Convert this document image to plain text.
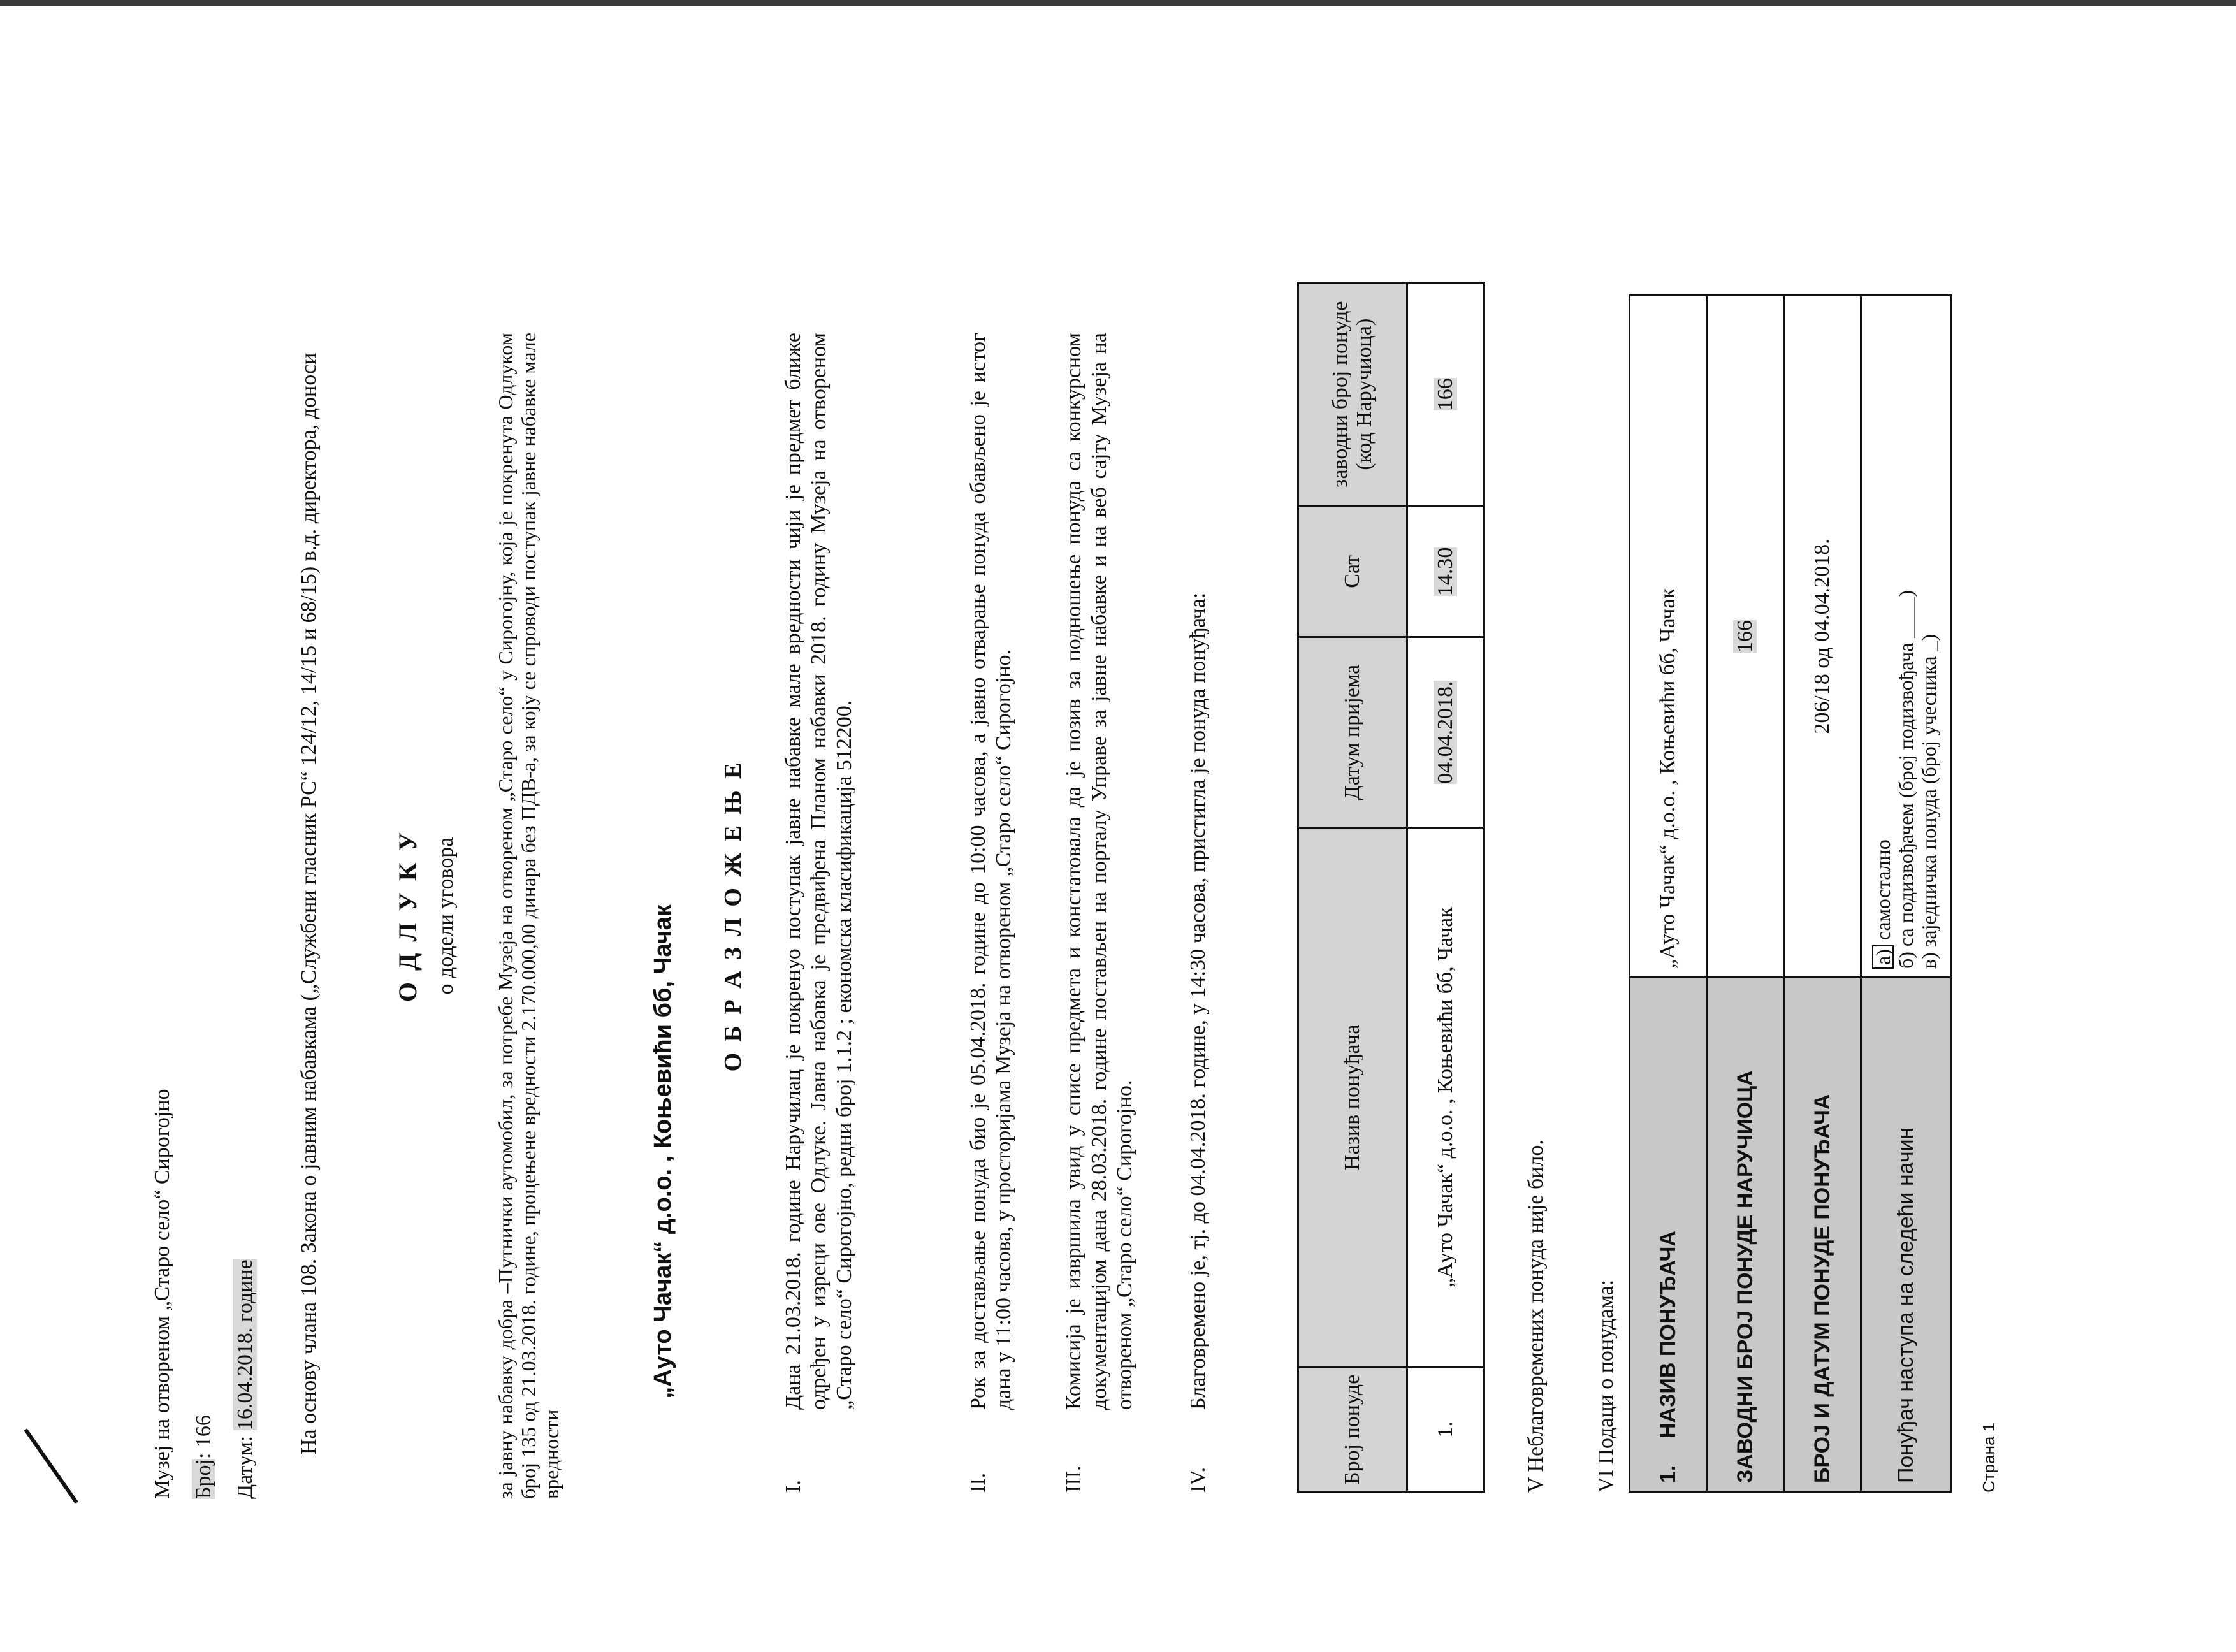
Музеј на отвореном „Старо село“ Сирогојно Број: 166 Датум: 16.04.2018. године На основу члана 108. Закона о јавним набавкама („Службени гласник РС“ 124/12, 14/15 и 68/15) в.д. директора, доноси	О Д Л У К У о додели уговора за јавну набавку добра –Путнички аутомобил, за потребе Музеја на отвореном „Старо село“ у Сирогојну, која је покренута Одлуком број 135 од 21.03.2018. године, процењене вредности 2.170.000,00 динара без ПДВ-а, за коју се спроводи поступак јавне набавке мале вредности

„Ауто Чачак“ д.о.о. , Коњевићи бб, Чачак О Б Р А З Л О Ж Е Њ Е

I.

Дана 21.03.2018. године Наручилац је покренуо поступак јавне набавке мале вредности чији је предмет ближе одређен у изреци ове Одлуке. Јавна набавка је предвиђена Планом набавки 2018. годину Музеја на отвореном „Старо село“ Сирогојно, редни број 1.1.2 ; економска класификација 512200.

II.

Рок за достављање понуда био је 05.04.2018. године до 10:00 часова, а јавно отварање понуда обављено је истог дана у 11:00 часова, у просторијама Музеја на отвореном „Старо село“ Сирогојно.

III.

Комисија је извршила увид у списе предмета и констатовала да је позив за подношење понуда са конкурсном документацијом дана 28.03.2018. године постављен на порталу Управе за јавне набавке и на веб сајту Музеја на отвореном „Старо село“ Сирогојно.

IV.

Благовремено је, тј. до 04.04.2018. године, у 14:30 часова, пристигла је понуда понуђача:

Број понуде	Назив понуђача	Датум пријема	Сат	заводни број понуде (код Наручиоца)
1.	„Ауто Чачак“ д.о.о. , Коњевићи бб, Чачак	04.04.2018.	14.30	166

V Неблаговремених понуда није било. VI Подаци о понудама: 1.НАЗИВ ПОНУЂАЧА	„Ауто Чачак“ д.о.о. , Коњевићи бб, Чачак
ЗАВОДНИ БРОЈ ПОНУДЕ НАРУЧИОЦА	166
БРОЈ И ДАТУМ ПОНУДЕ ПОНУЂАЧА	206/18 од 04.04.2018.
Понуђач наступа на следећи начин	а) самостално б) са подизвођачем (број подизвођача ____) в) заједничка понуда (број учесника _)

Страна 1
